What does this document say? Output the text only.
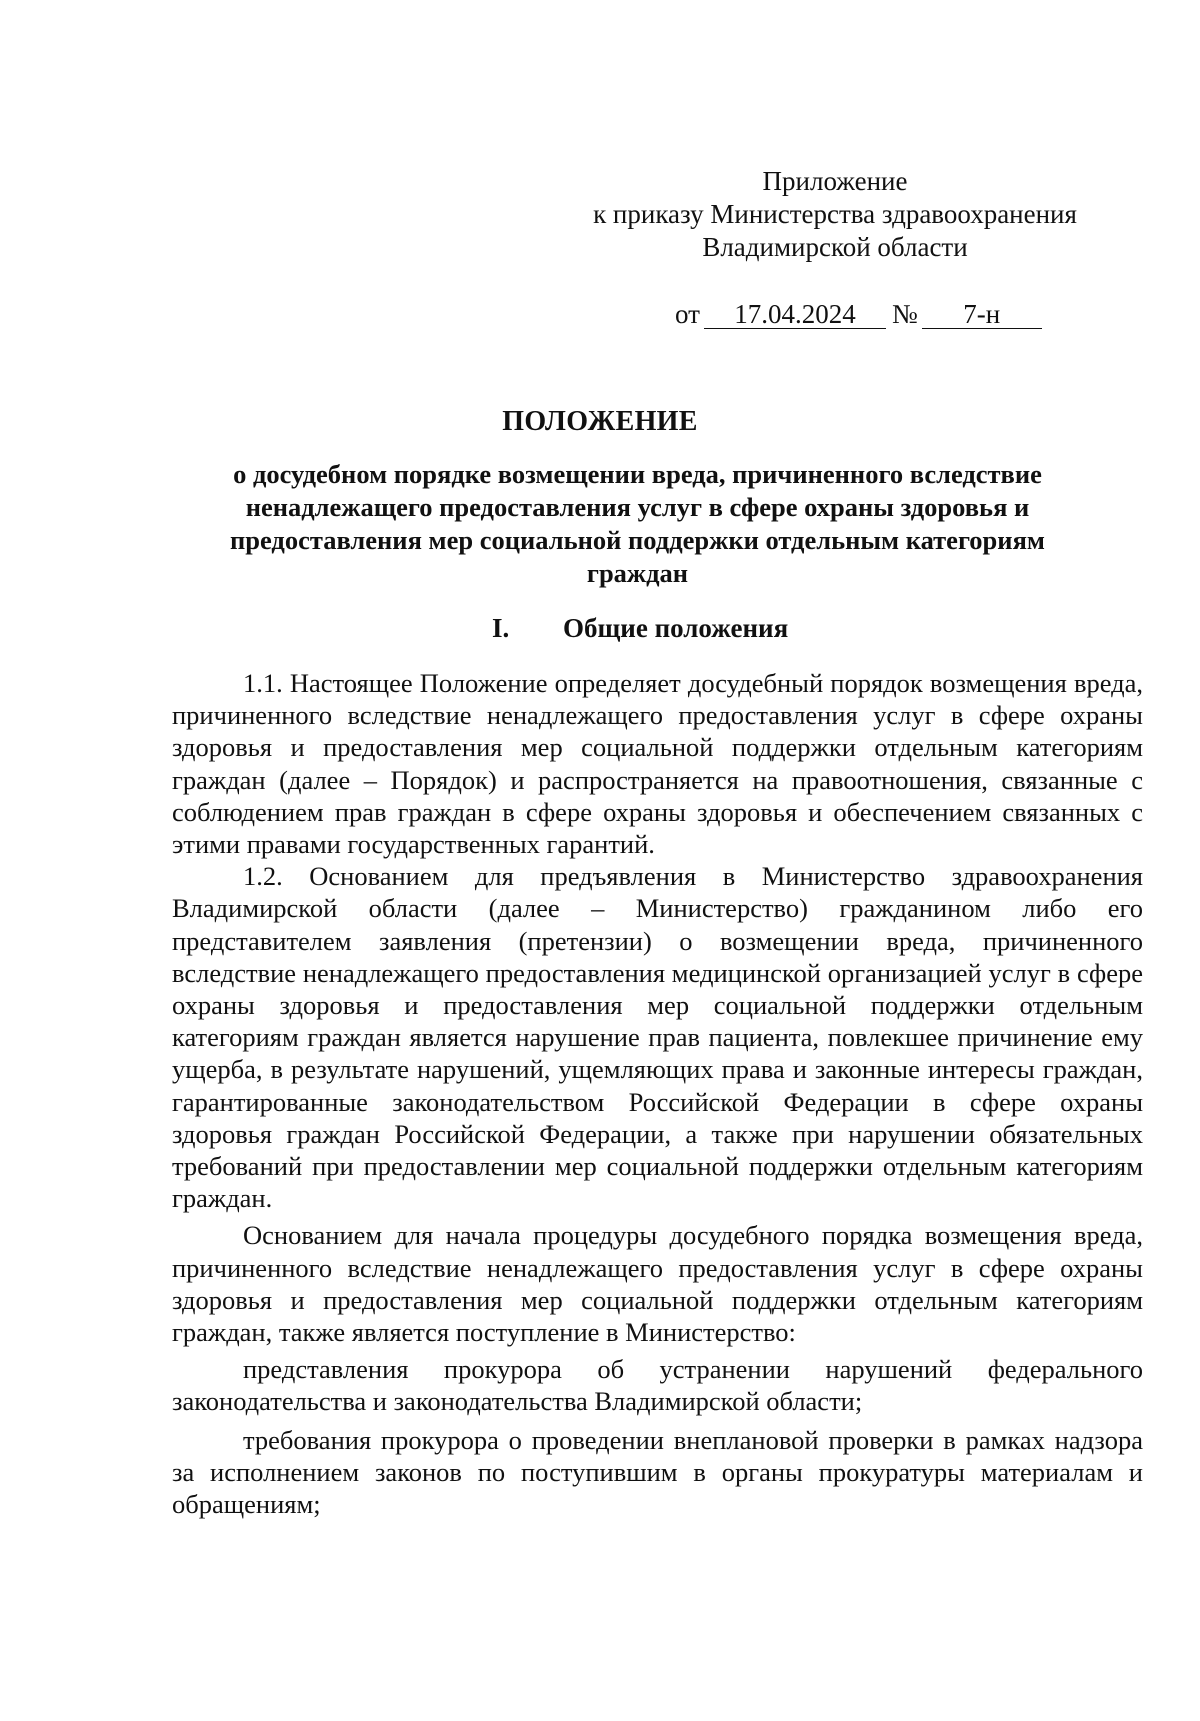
Приложение
к приказу Министерства здравоохранения
Владимирской области
от 17.04.2024 № 7-н
ПОЛОЖЕНИЕ
о досудебном порядке возмещении вреда, причиненного вследствие
ненадлежащего предоставления услуг в сфере охраны здоровья и
предоставления мер социальной поддержки отдельным категориям
граждан
I. Общие положения

1.1. Настоящее Положение определяет досудебный порядок возмещения вреда, причиненного вследствие ненадлежащего предоставления услуг в сфере охраны здоровья и предоставления мер социальной поддержки отдельным категориям граждан (далее – Порядок) и распространяется на правоотношения, связанные с соблюдением прав граждан в сфере охраны здоровья и обеспечением связанных с этими правами государственных гарантий.

1.2. Основанием для предъявления в Министерство здравоохранения Владимирской области (далее – Министерство) гражданином либо его представителем заявления (претензии) о возмещении вреда, причиненного вследствие ненадлежащего предоставления медицинской организацией услуг в сфере охраны здоровья и предоставления мер социальной поддержки отдельным категориям граждан является нарушение прав пациента, повлекшее причинение ему ущерба, в результате нарушений, ущемляющих права и законные интересы граждан, гарантированные законодательством Российской Федерации в сфере охраны здоровья граждан Российской Федерации, а также при нарушении обязательных требований при предоставлении мер социальной поддержки отдельным категориям граждан.

Основанием для начала процедуры досудебного порядка возмещения вреда, причиненного вследствие ненадлежащего предоставления услуг в сфере охраны здоровья и предоставления мер социальной поддержки отдельным категориям граждан, также является поступление в Министерство:

представления прокурора об устранении нарушений федерального законодательства и законодательства Владимирской области;

требования прокурора о проведении внеплановой проверки в рамках надзора за исполнением законов по поступившим в органы прокуратуры материалам и обращениям;
